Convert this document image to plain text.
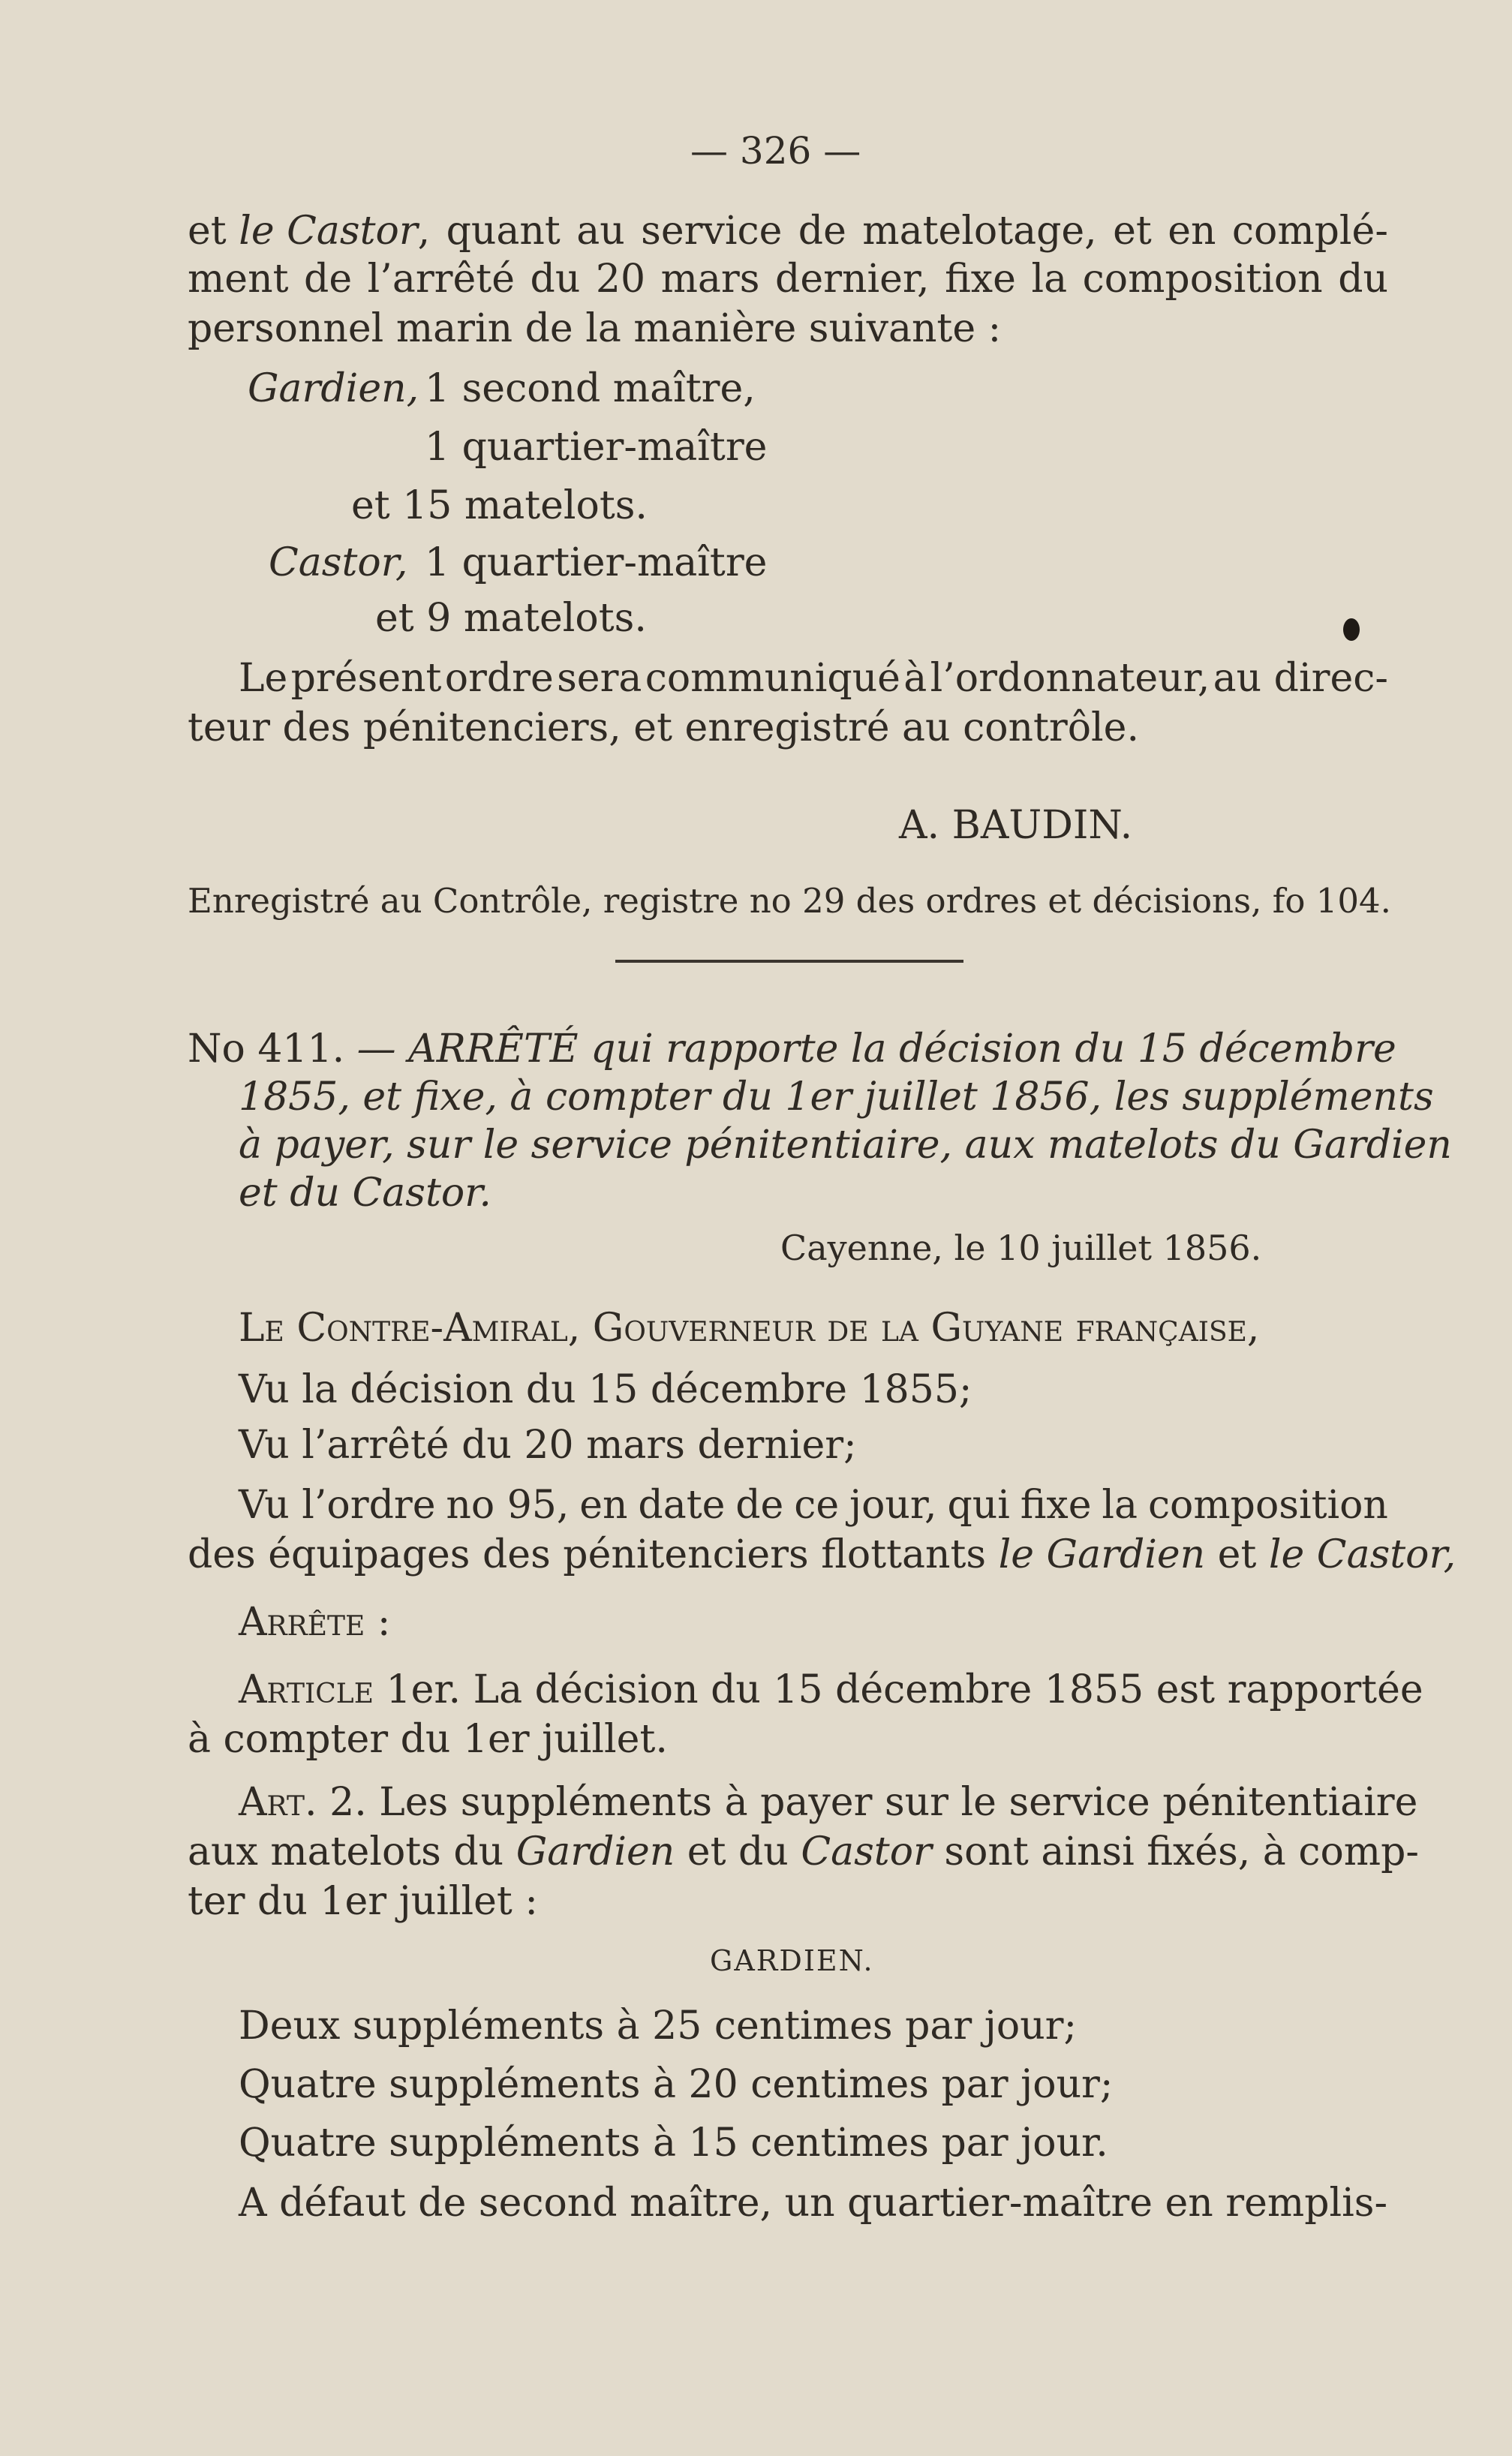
— 326 —
et le Castor, quant au service de matelotage, et en complé-
ment de l’arrêté du 20 mars dernier, fixe la composition du
personnel marin de la manière suivante :
Gardien, 1 second maître,
1 quartier-maître
et 15 matelots.
Castor, 1 quartier-maître
et 9 matelots.
Le présent ordre sera communiqué à l’ordonnateur, au direc-
teur des pénitenciers, et enregistré au contrôle.
A. BAUDIN.
Enregistré au Contrôle, registre no 29 des ordres et décisions, fo 104.
No 411. — ARRÊTÉ qui rapporte la décision du 15 décembre
1855, et fixe, à compter du 1er juillet 1856, les suppléments
à payer, sur le service pénitentiaire, aux matelots du Gardien
et du Castor.
Cayenne, le 10 juillet 1856.
Le Contre-Amiral, Gouverneur de la Guyane française,
Vu la décision du 15 décembre 1855;
Vu l’arrêté du 20 mars dernier;
Vu l’ordre no 95, en date de ce jour, qui fixe la composition
des équipages des pénitenciers flottants le Gardien et le Castor,
Arrête :
Article 1er. La décision du 15 décembre 1855 est rapportée
à compter du 1er juillet.
Art. 2. Les suppléments à payer sur le service pénitentiaire
aux matelots du Gardien et du Castor sont ainsi fixés, à comp-
ter du 1er juillet :
GARDIEN.
Deux suppléments à 25 centimes par jour;
Quatre suppléments à 20 centimes par jour;
Quatre suppléments à 15 centimes par jour.
A défaut de second maître, un quartier-maître en remplis-
